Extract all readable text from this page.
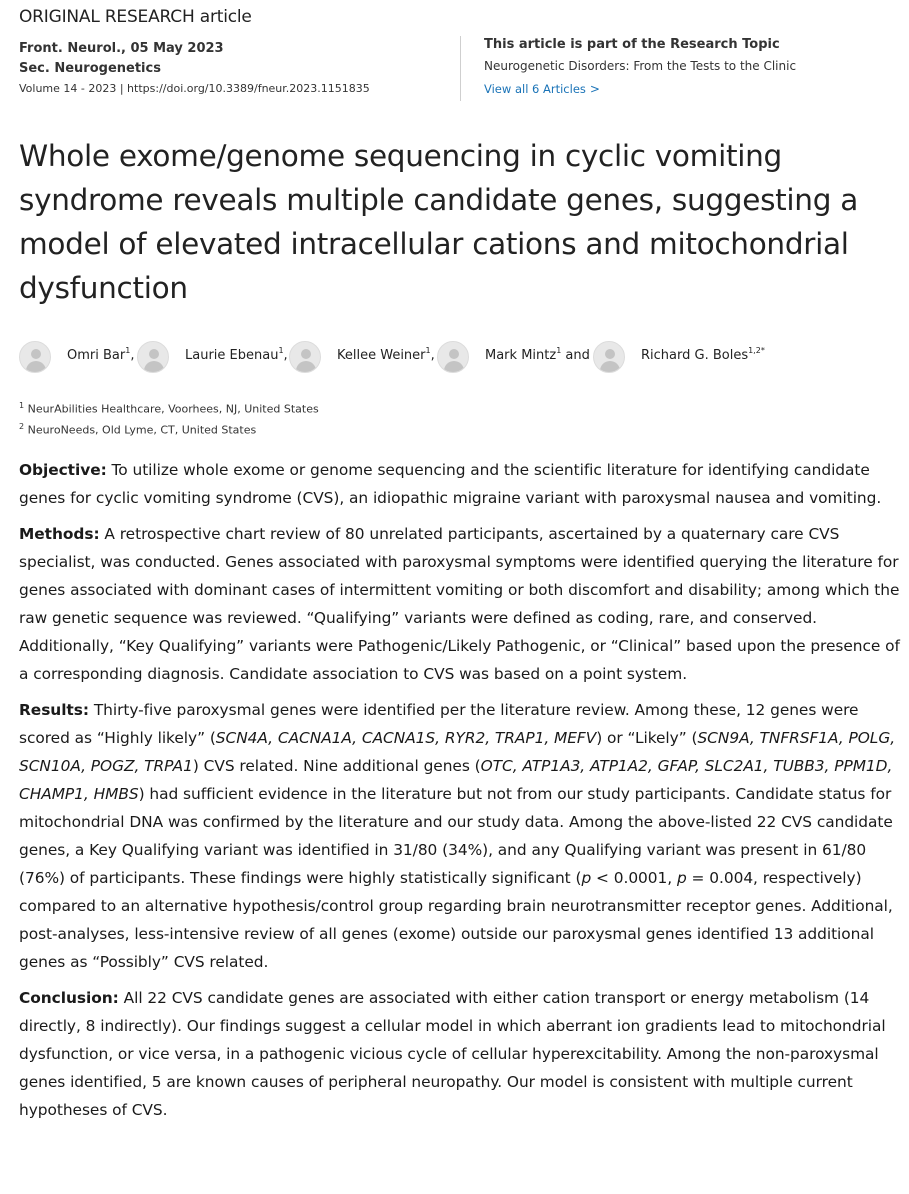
ORIGINAL RESEARCH article
Front. Neurol., 05 May 2023
Sec. Neurogenetics
Volume 14 - 2023 | https://doi.org/10.3389/fneur.2023.1151835
This article is part of the Research Topic
Neurogenetic Disorders: From the Tests to the Clinic
View all 6 Articles >
Whole exome/genome sequencing in cyclic vomiting syndrome reveals multiple candidate genes, suggesting a model of elevated intracellular cations and mitochondrial dysfunction
Omri Bar$^1$,	Laurie Ebenau$^1$,	Kellee Weiner$^1$,	Mark Mintz$^1$ and	Richard G. Boles$^{1,2*}$
$^1$ NeurAbilities Healthcare, Voorhees, NJ, United States
$^2$ NeuroNeeds, Old Lyme, CT, United States

Objective: To utilize whole exome or genome sequencing and the scientific literature for identifying candidate genes for cyclic vomiting syndrome (CVS), an idiopathic migraine variant with paroxysmal nausea and vomiting.

Methods: A retrospective chart review of 80 unrelated participants, ascertained by a quaternary care CVS specialist, was conducted. Genes associated with paroxysmal symptoms were identified querying the literature for genes associated with dominant cases of intermittent vomiting or both discomfort and disability; among which the raw genetic sequence was reviewed. “Qualifying” variants were defined as coding, rare, and conserved. Additionally, “Key Qualifying” variants were Pathogenic/Likely Pathogenic, or “Clinical” based upon the presence of a corresponding diagnosis. Candidate association to CVS was based on a point system.

Results: Thirty-five paroxysmal genes were identified per the literature review. Among these, 12 genes were scored as “Highly likely” (SCN4A, CACNA1A, CACNA1S, RYR2, TRAP1, MEFV) or “Likely” (SCN9A, TNFRSF1A, POLG, SCN10A, POGZ, TRPA1) CVS related. Nine additional genes (OTC, ATP1A3, ATP1A2, GFAP, SLC2A1, TUBB3, PPM1D, CHAMP1, HMBS) had sufficient evidence in the literature but not from our study participants. Candidate status for mitochondrial DNA was confirmed by the literature and our study data. Among the above-listed 22 CVS candidate genes, a Key Qualifying variant was identified in 31/80 (34%), and any Qualifying variant was present in 61/80 (76%) of participants. These findings were highly statistically significant (p < 0.0001, p = 0.004, respectively) compared to an alternative hypothesis/control group regarding brain neurotransmitter receptor genes. Additional, post-analyses, less-intensive review of all genes (exome) outside our paroxysmal genes identified 13 additional genes as “Possibly” CVS related.

Conclusion: All 22 CVS candidate genes are associated with either cation transport or energy metabolism (14 directly, 8 indirectly). Our findings suggest a cellular model in which aberrant ion gradients lead to mitochondrial dysfunction, or vice versa, in a pathogenic vicious cycle of cellular hyperexcitability. Among the non-paroxysmal genes identified, 5 are known causes of peripheral neuropathy. Our model is consistent with multiple current hypotheses of CVS.
